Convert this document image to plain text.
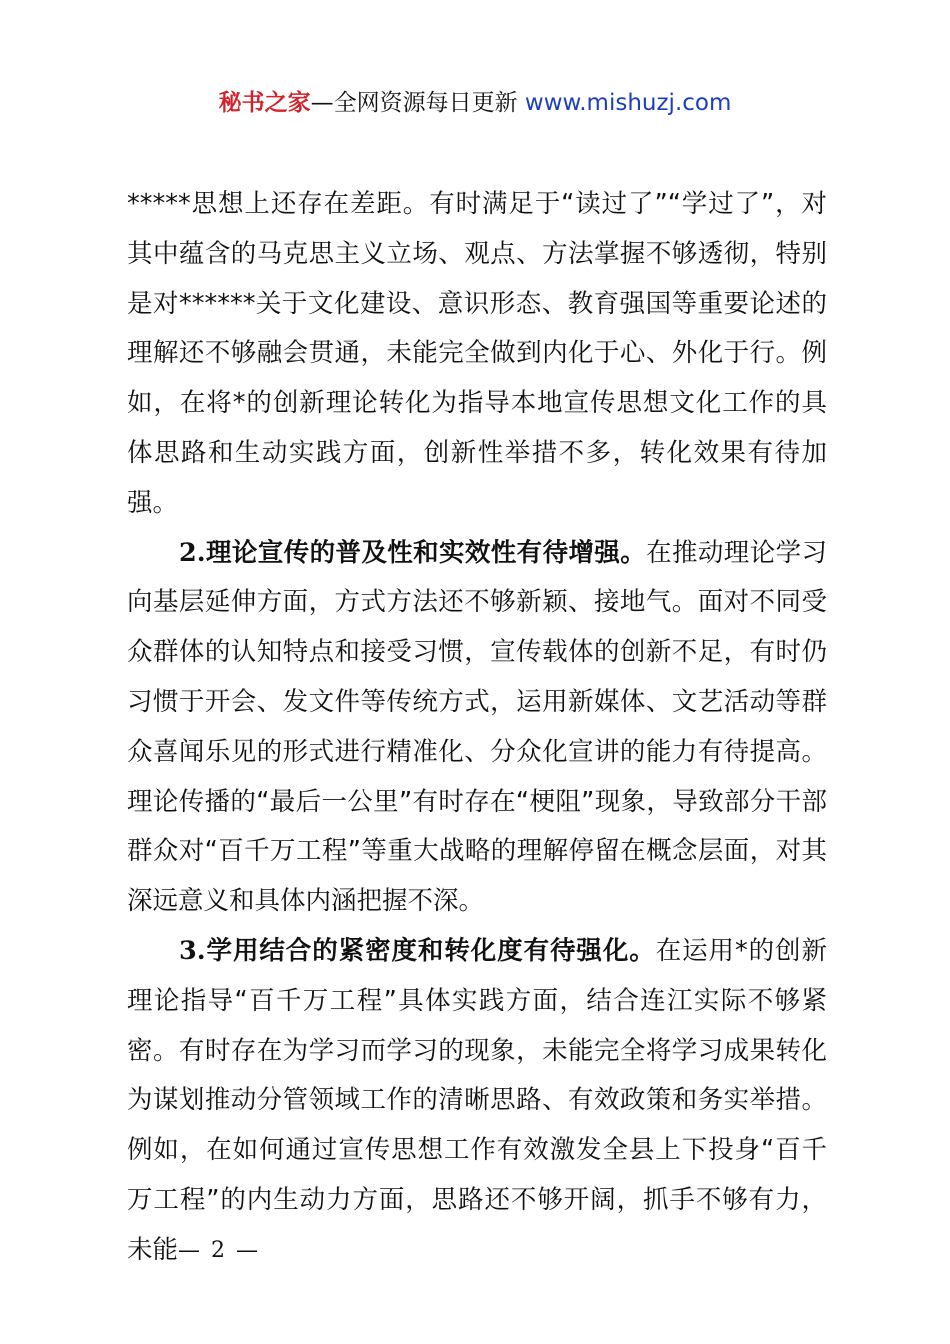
秘书之家—全网资源每日更新 www.mishuzj.com

*****思想上还存在差距。有时满足于“读过了”“学过了”，对其中蕴含的马克思主义立场、观点、方法掌握不够透彻，特别是对******关于文化建设、意识形态、教育强国等重要论述的理解还不够融会贯通，未能完全做到内化于心、外化于行。例如，在将*的创新理论转化为指导本地宣传思想文化工作的具体思路和生动实践方面，创新性举措不多，转化效果有待加强。

2.理论宣传的普及性和实效性有待增强。在推动理论学习向基层延伸方面，方式方法还不够新颖、接地气。面对不同受众群体的认知特点和接受习惯，宣传载体的创新不足，有时仍习惯于开会、发文件等传统方式，运用新媒体、文艺活动等群众喜闻乐见的形式进行精准化、分众化宣讲的能力有待提高。理论传播的“最后一公里”有时存在“梗阻”现象，导致部分干部群众对“百千万工程”等重大战略的理解停留在概念层面，对其深远意义和具体内涵把握不深。

3.学用结合的紧密度和转化度有待强化。在运用*的创新理论指导“百千万工程”具体实践方面，结合连江实际不够紧密。有时存在为学习而学习的现象，未能完全将学习成果转化为谋划推动分管领域工作的清晰思路、有效政策和务实举措。例如，在如何通过宣传思想工作有效激发全县上下投身“百千万工程”的内生动力方面，思路还不够开阔，抓手不够有力，未能 — 2 —
